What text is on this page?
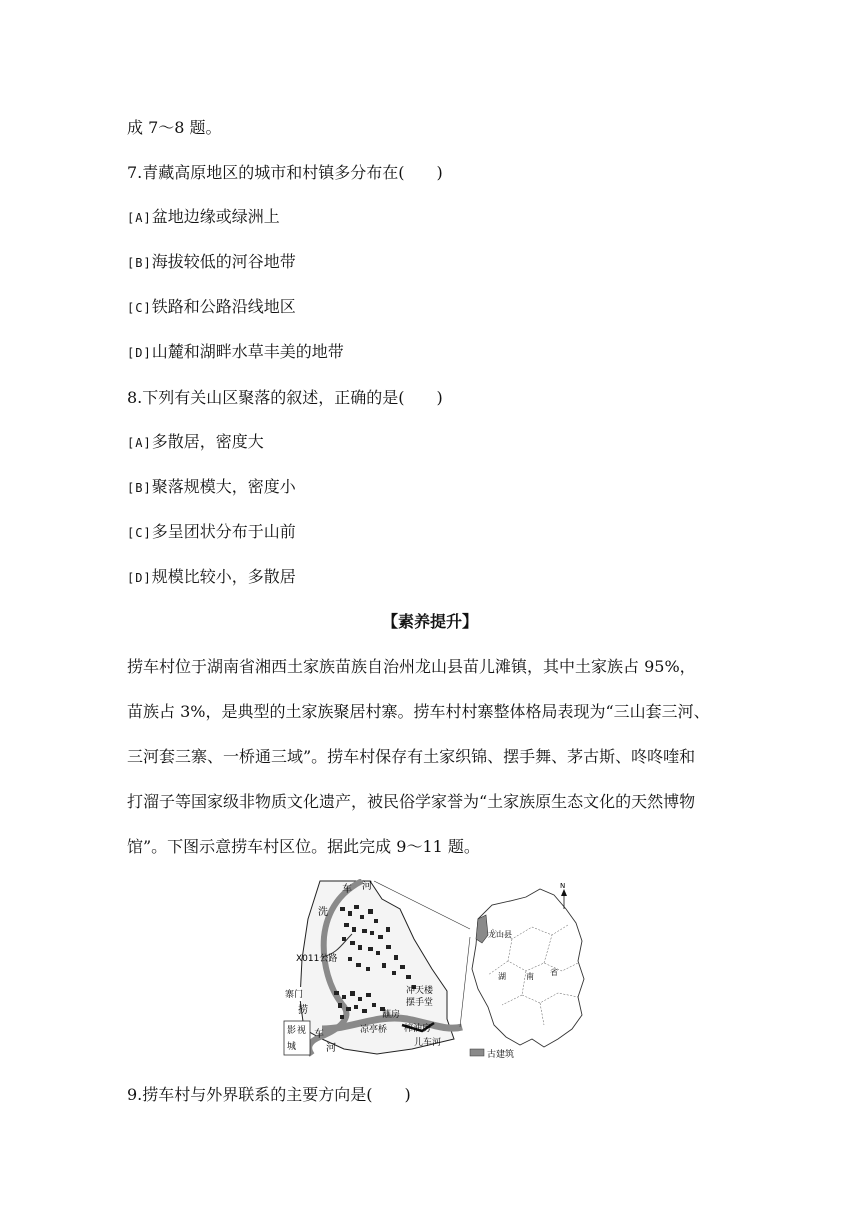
成 7～8 题。
7.青藏高原地区的城市和村镇多分布在(　　)
[A]盆地边缘或绿洲上
[B]海拔较低的河谷地带
[C]铁路和公路沿线地区
[D]山麓和湖畔水草丰美的地带
8.下列有关山区聚落的叙述，正确的是(　　)
[A]多散居，密度大
[B]聚落规模大，密度小
[C]多呈团状分布于山前
[D]规模比较小，多散居
【素养提升】
捞车村位于湖南省湘西土家族苗族自治州龙山县苗儿滩镇，其中土家族占 95%，
苗族占 3%，是典型的土家族聚居村寨。捞车村村寨整体格局表现为“三山套三河、
三河套三寨、一桥通三域”。捞车村保存有土家织锦、摆手舞、茅古斯、咚咚喹和
打溜子等国家级非物质文化遗产，被民俗学家誉为“土家族原生态文化的天然博物
馆”。下图示意捞车村区位。据此完成 9～11 题。
车 河
洗
X011公路
寨门
捞
影 视
城
车
河
冲天楼
摆手堂
蘸房
凉亭桥 榨油房
儿车河
龙山县
湖	南 省
N
古建筑
9.捞车村与外界联系的主要方向是(　　)
